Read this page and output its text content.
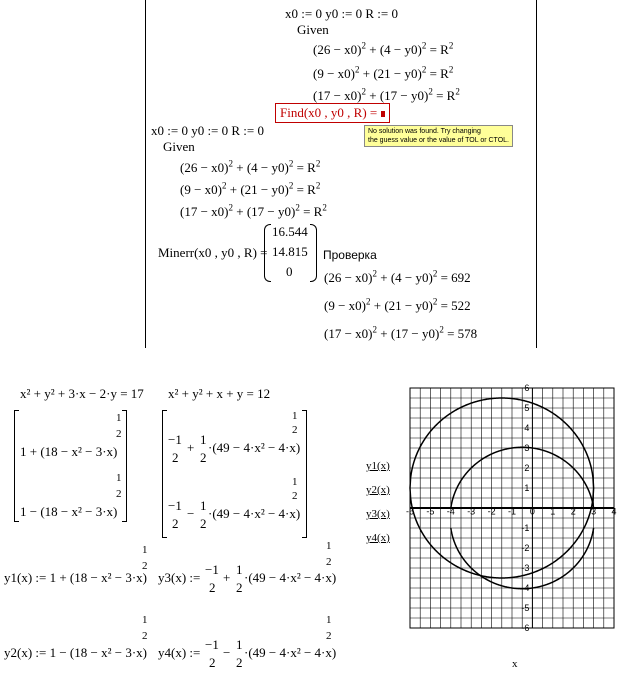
x0 := 0 y0 := 0 R := 0
Given
$(26 - x0)^2 + (4 - y0)^2 = R^2$
$(9 - x0)^2 + (21 - y0)^2 = R^2$
$(17 - x0)^2 + (17 - y0)^2 = R^2$
Find(x0 , y0 , R) =
No solution was found. Try changing
the guess value or the value of TOL or CTOL.
x0 := 0 y0 := 0 R := 0
Given
$(26 - x0)^2 + (4 - y0)^2 = R^2$
$(9 - x0)^2 + (21 - y0)^2 = R^2$
$(17 - x0)^2 + (17 - y0)^2 = R^2$
Minerr(x0 , y0 , R) =
16.544
14.815
0
Проверка
$(26 - x0)^2 + (4 - y0)^2 = 692$
$(9 - x0)^2 + (21 - y0)^2 = 522$
$(17 - x0)^2 + (17 - y0)^2 = 578$
x² + y² + 3·x − 2·y = 17 x² + y² + x + y = 12
1 + (18 − x² − 3·x)
1
2
1 − (18 − x² − 3·x)
1
2
−1
2
+
1
2
·(49 − 4·x² − 4·x)
1
2
−1
2
−
1
2
·(49 − 4·x² − 4·x)
1
2
y1(x) := 1 + (18 − x² − 3·x)
1
2
y2(x) := 1 − (18 − x² − 3·x)
1
2
y3(x) :=
−1
2
+
1
2
·(49 − 4·x² − 4·x)
1
2
y4(x) :=
−1
2
−
1
2
·(49 − 4·x² − 4·x)
1
2
y1(x)
y2(x)
y3(x)
y4(x)
x
-6 -5 -4 -3 -2 -1 0 1 2 3 4
6
5
4
3
2
1
-1
-2
-3
-4
-5
-6
